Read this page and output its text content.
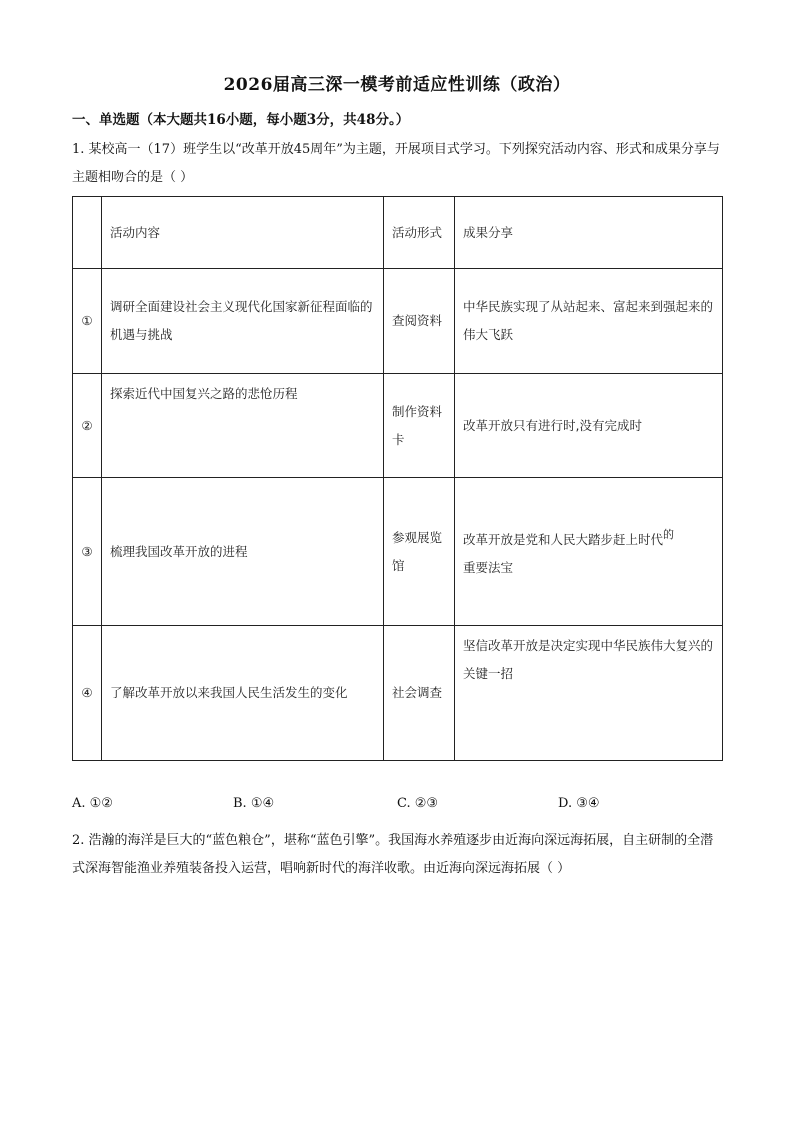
2026届高三深一模考前适应性训练（政治）
一、单选题（本大题共16小题，每小题3分，共48分。）
1. 某校高一（17）班学生以“改革开放45周年”为主题，开展项目式学习。下列探究活动内容、形式和成果分享与主题相吻合的是（ ）
	活动内容	活动形式	成果分享
①	调研全面建设社会主义现代化国家新征程面临的机遇与挑战	查阅资料	中华民族实现了从站起来、富起来到强起来的伟大飞跃
②	探索近代中国复兴之路的悲怆历程	制作资料卡	改革开放只有进行时,没有完成时
③	梳理我国改革开放的进程	参观展览馆	改革开放是党和人民大踏步赶上时代$^的$
重要法宝
④	了解改革开放以来我国人民生活发生的变化	社会调查	坚信改革开放是决定实现中华民族伟大复兴的关键一招
A. ①②	B. ①④	C. ②③	D. ③④
2. 浩瀚的海洋是巨大的“蓝色粮仓”，堪称“蓝色引擎”。我国海水养殖逐步由近海向深远海拓展，自主研制的全潜式深海智能渔业养殖装备投入运营，唱响新时代的海洋收歌。由近海向深远海拓展（ ）
